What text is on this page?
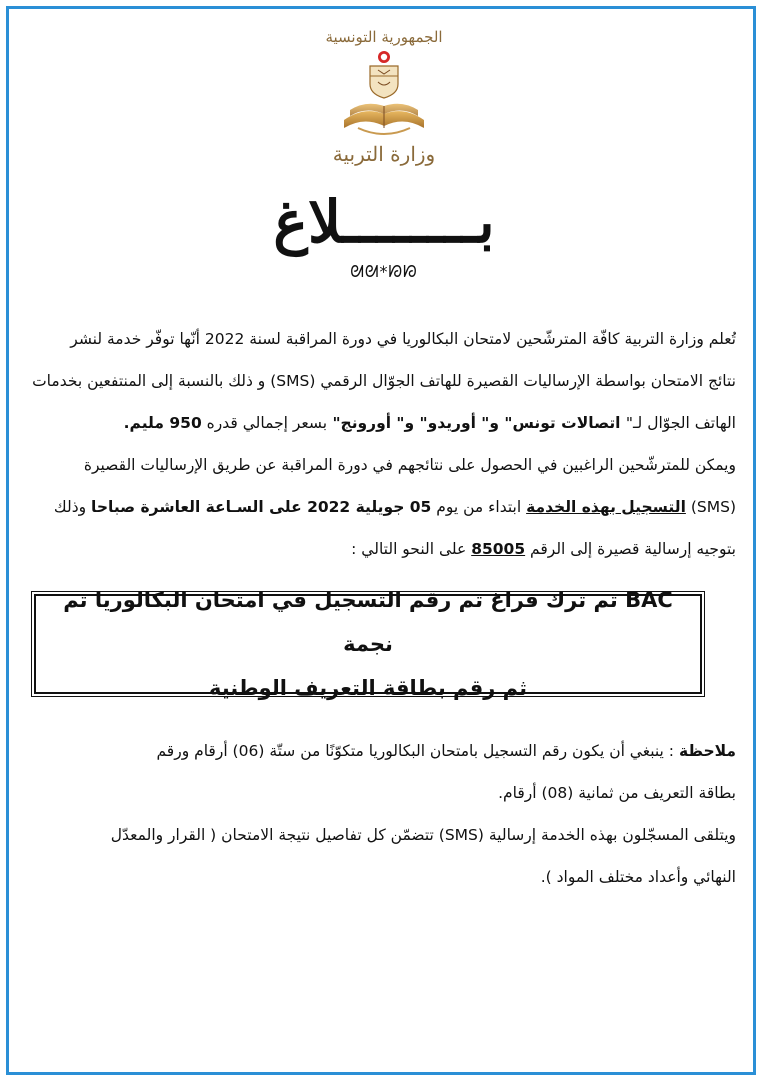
الجمهورية التونسية
وزارة التربية
بــــــــلاغ
ᘛᘛ*ᘗᘗ
تُعلم وزارة التربية كافّة المترشّحين لامتحان البكالوريا في دورة المراقبة لسنة 2022 أنّها توفّر خدمة لنشر
نتائج الامتحان بواسطة الإرساليات القصيرة للهاتف الجوّال الرقمي (SMS) و ذلك بالنسبة إلى المنتفعين بخدمات
الهاتف الجوّال لـ" اتصالات تونس" و" أوريدو" و" أورونج" بسعر إجمالي قدره 950 مليم.
ويمكن للمترشّحين الراغبين في الحصول على نتائجهم في دورة المراقبة عن طريق الإرساليات القصيرة
(SMS) التسجيل بهذه الخدمة ابتداء من يوم 05 جويلية 2022 على السـاعة العاشرة صباحا وذلك
بتوجيه إرسالية قصيرة إلى الرقم 85005 على النحو التالي :
BAC ثم ترك فراغ ثم رقم التسجيل في امتحان البكالوريا ثم نجمة
ثم رقم بطاقة التعريف الوطنية
ملاحظة : ينبغي أن يكون رقم التسجيل بامتحان البكالوريا متكوّنًا من ستّة (06) أرقام ورقم
بطاقة التعريف من ثمانية (08) أرقام.
ويتلقى المسجّلون بهذه الخدمة إرسالية (SMS) تتضمّن كل تفاصيل نتيجة الامتحان ( القرار والمعدّل
النهائي وأعداد مختلف المواد ).
